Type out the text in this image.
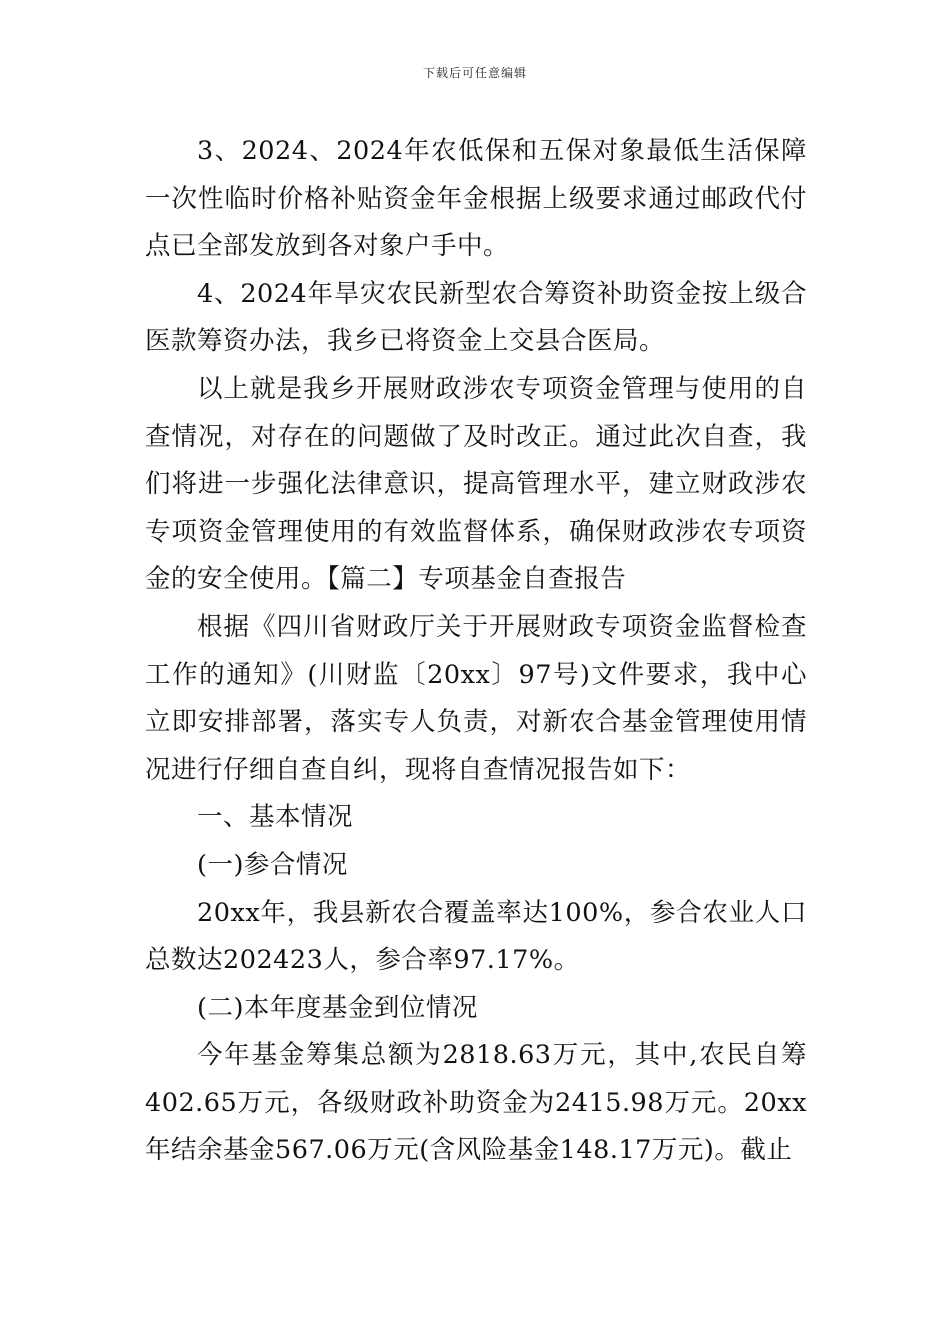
下载后可任意编辑

3、2024、2024年农低保和五保对象最低生活保障一次性临时价格补贴资金年金根据上级要求通过邮政代付点已全部发放到各对象户手中。

4、2024年旱灾农民新型农合筹资补助资金按上级合医款筹资办法，我乡已将资金上交县合医局。

以上就是我乡开展财政涉农专项资金管理与使用的自查情况，对存在的问题做了及时改正。通过此次自查，我们将进一步强化法律意识，提高管理水平，建立财政涉农专项资金管理使用的有效监督体系，确保财政涉农专项资金的安全使用。【篇二】专项基金自查报告

根据《四川省财政厅关于开展财政专项资金监督检查工作的通知》(川财监〔20xx〕97号)文件要求，我中心立即安排部署，落实专人负责，对新农合基金管理使用情况进行仔细自查自纠，现将自查情况报告如下：

一、基本情况

(一)参合情况

20xx年，我县新农合覆盖率达100%，参合农业人口总数达202423人，参合率97.17%。

(二)本年度基金到位情况

今年基金筹集总额为2818.63万元，其中,农民自筹402.65万元，各级财政补助资金为2415.98万元。20xx年结余基金567.06万元(含风险基金148.17万元)。截止
